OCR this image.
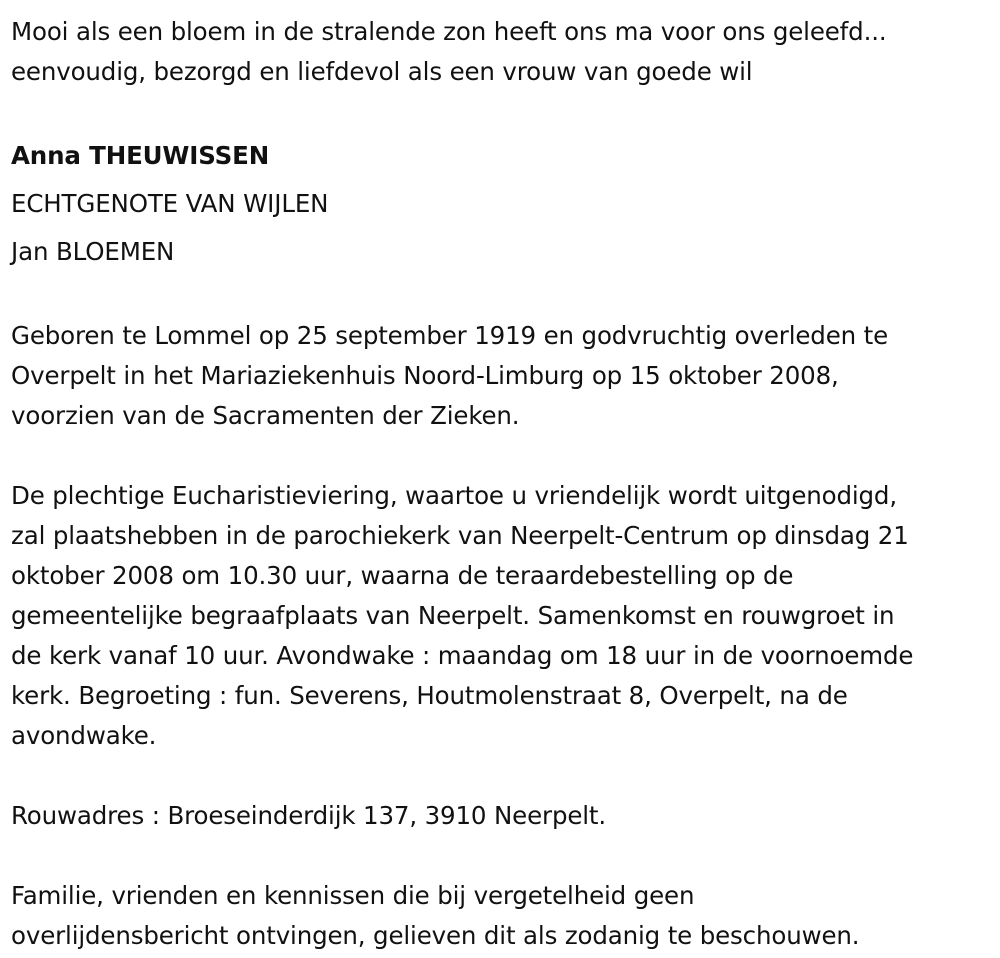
Mooi als een bloem in de stralende zon heeft ons ma voor ons geleefd...
eenvoudig, bezorgd en liefdevol als een vrouw van goede wil
Anna THEUWISSEN
ECHTGENOTE VAN WIJLEN
Jan BLOEMEN
Geboren te Lommel op 25 september 1919 en godvruchtig overleden te
Overpelt in het Mariaziekenhuis Noord-Limburg op 15 oktober 2008,
voorzien van de Sacramenten der Zieken.
De plechtige Eucharistieviering, waartoe u vriendelijk wordt uitgenodigd,
zal plaatshebben in de parochiekerk van Neerpelt-Centrum op dinsdag 21
oktober 2008 om 10.30 uur, waarna de teraardebestelling op de
gemeentelijke begraafplaats van Neerpelt. Samenkomst en rouwgroet in
de kerk vanaf 10 uur. Avondwake : maandag om 18 uur in de voornoemde
kerk. Begroeting : fun. Severens, Houtmolenstraat 8, Overpelt, na de
avondwake.
Rouwadres : Broeseinderdijk 137, 3910 Neerpelt.
Familie, vrienden en kennissen die bij vergetelheid geen
overlijdensbericht ontvingen, gelieven dit als zodanig te beschouwen.
